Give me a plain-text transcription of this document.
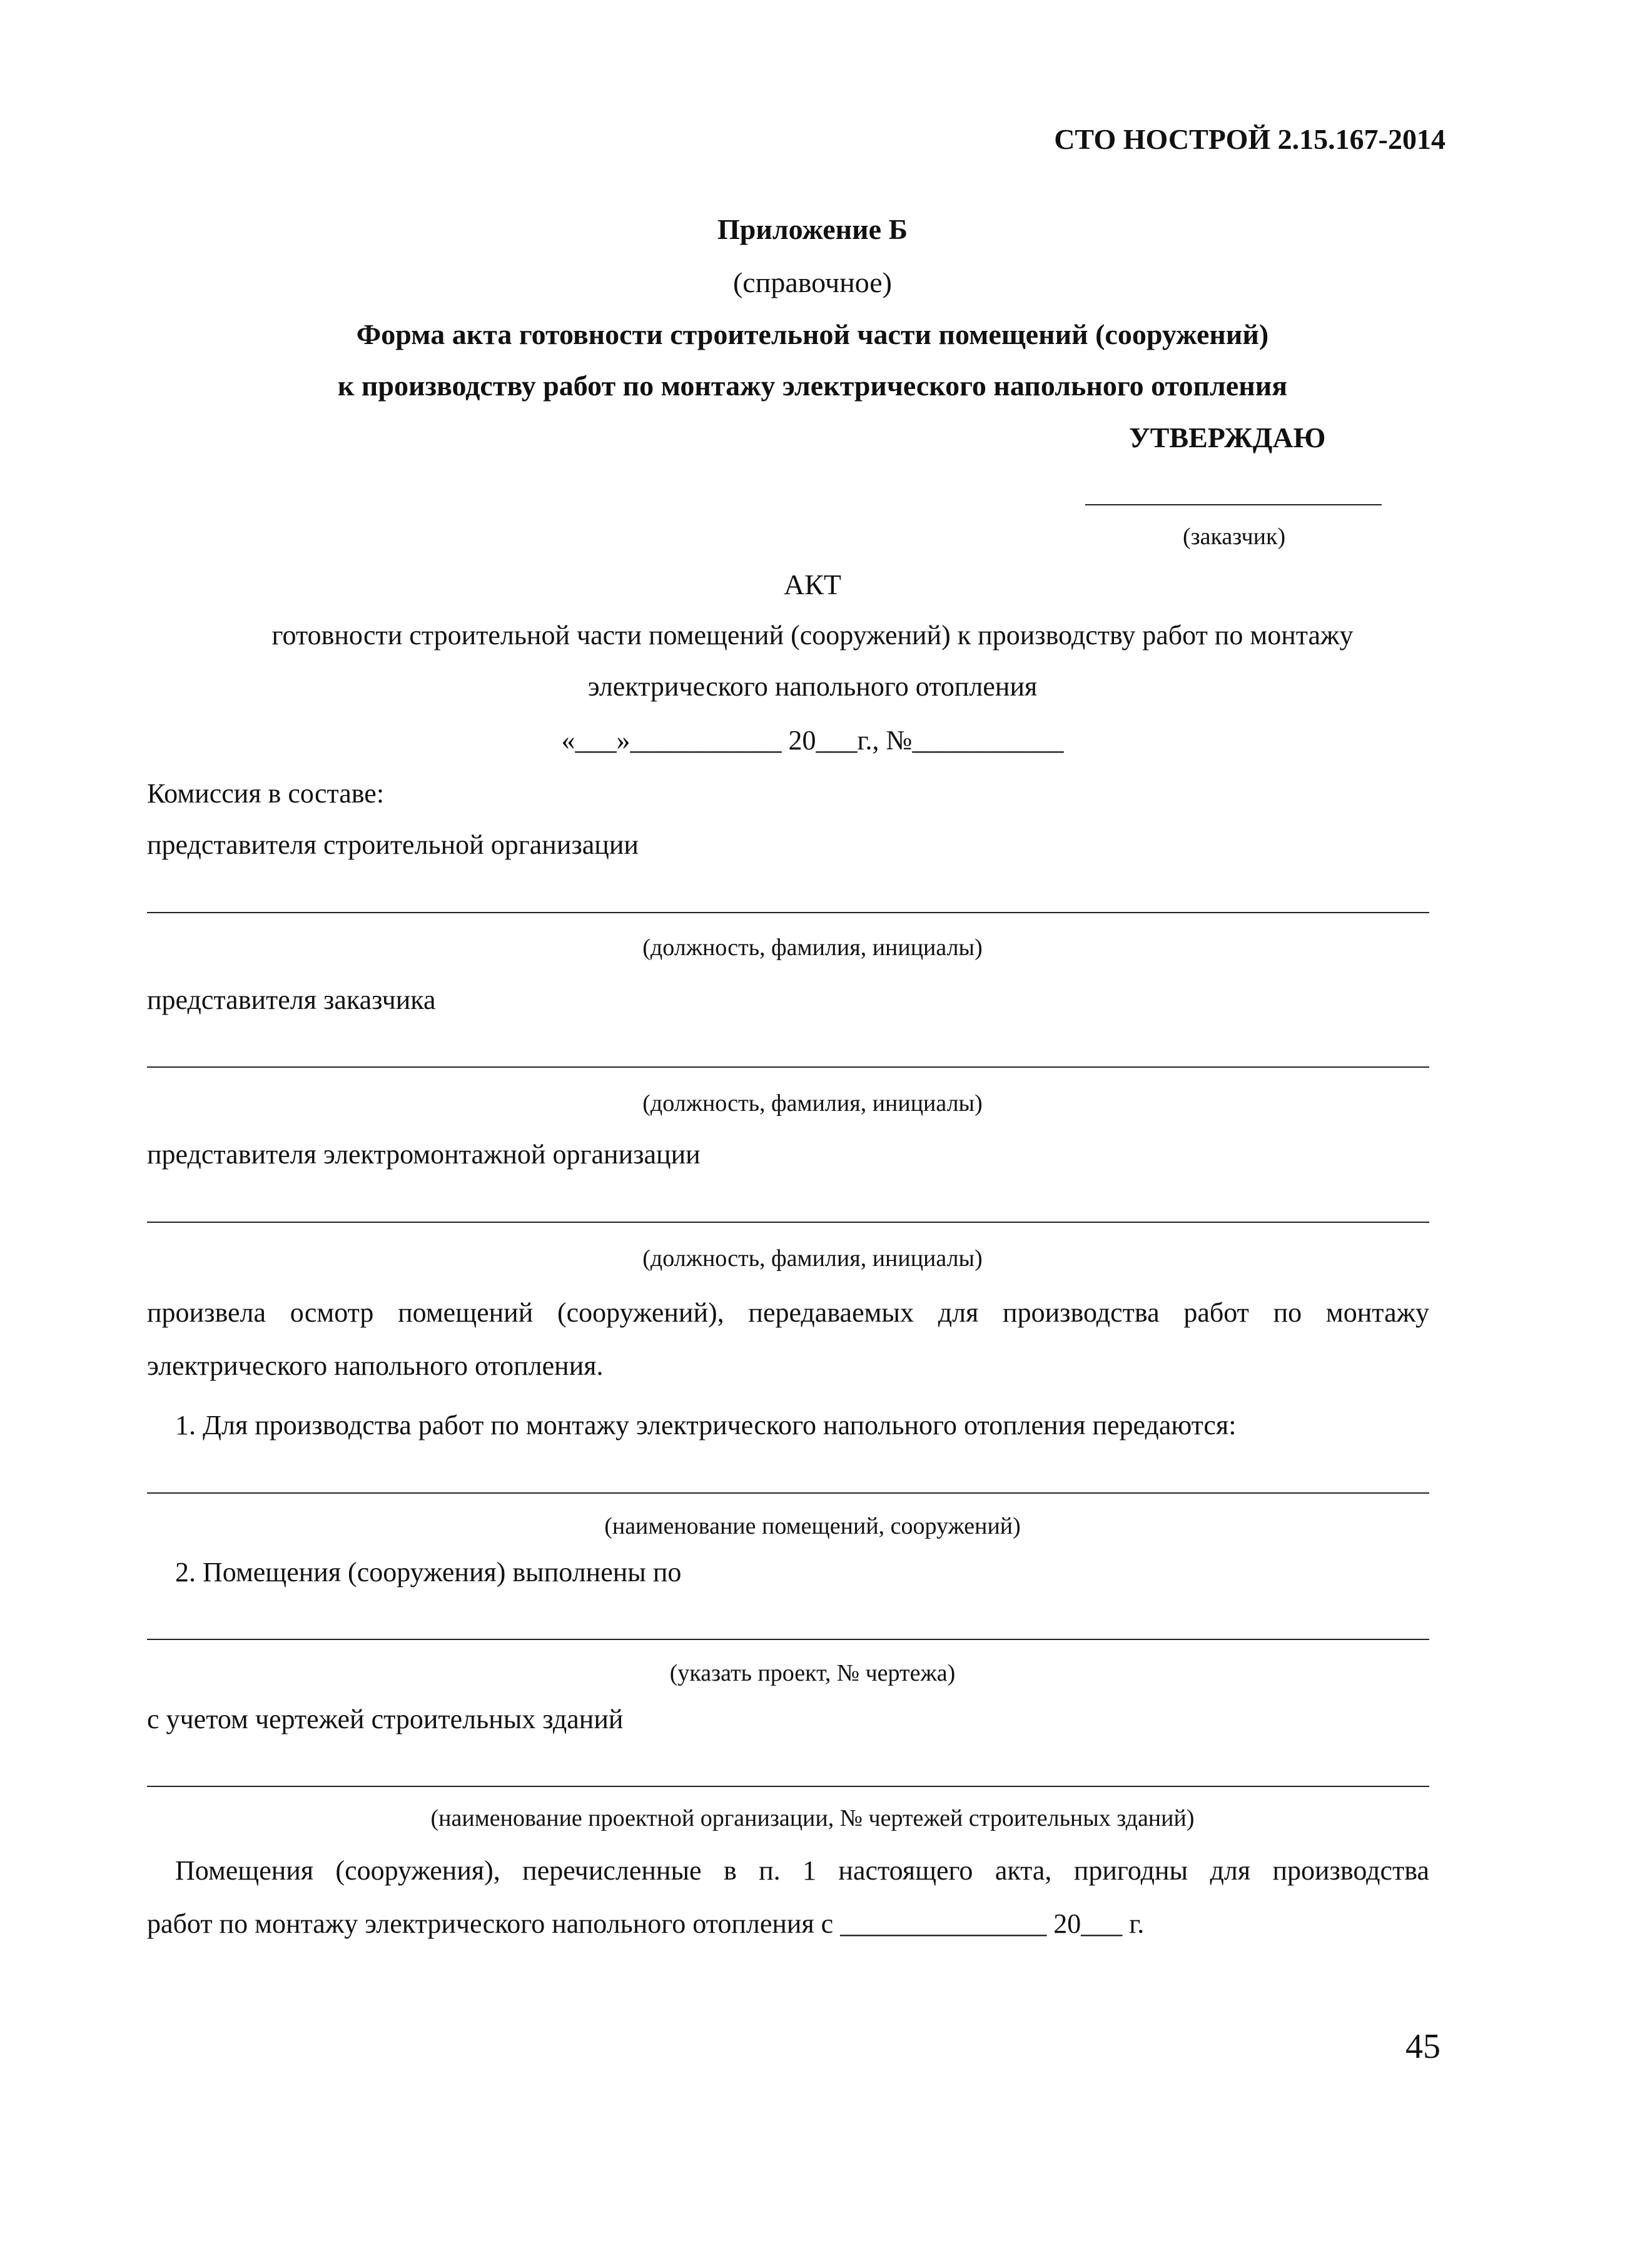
СТО НОСТРОЙ 2.15.167-2014
Приложение Б
(справочное)
Форма акта готовности строительной части помещений (сооружений)
к производству работ по монтажу электрического напольного отопления
УТВЕРЖДАЮ
(заказчик)
АКТ
готовности строительной части помещений (сооружений) к производству работ по монтажу
электрического напольного отопления
«___»___________ 20___г., №___________
Комиссия в составе:
представителя строительной организации
(должность, фамилия, инициалы)
представителя заказчика
(должность, фамилия, инициалы)
представителя электромонтажной организации
(должность, фамилия, инициалы)
произвела осмотр помещений (сооружений), передаваемых для производства работ по монтажу
электрического напольного отопления.
1. Для производства работ по монтажу электрического напольного отопления передаются:
(наименование помещений, сооружений)
2. Помещения (сооружения) выполнены по
(указать проект, № чертежа)
с учетом чертежей строительных зданий
(наименование проектной организации, № чертежей строительных зданий)
Помещения (сооружения), перечисленные в п. 1 настоящего акта, пригодны для производства
работ по монтажу электрического напольного отопления с _______________ 20___ г.
45
